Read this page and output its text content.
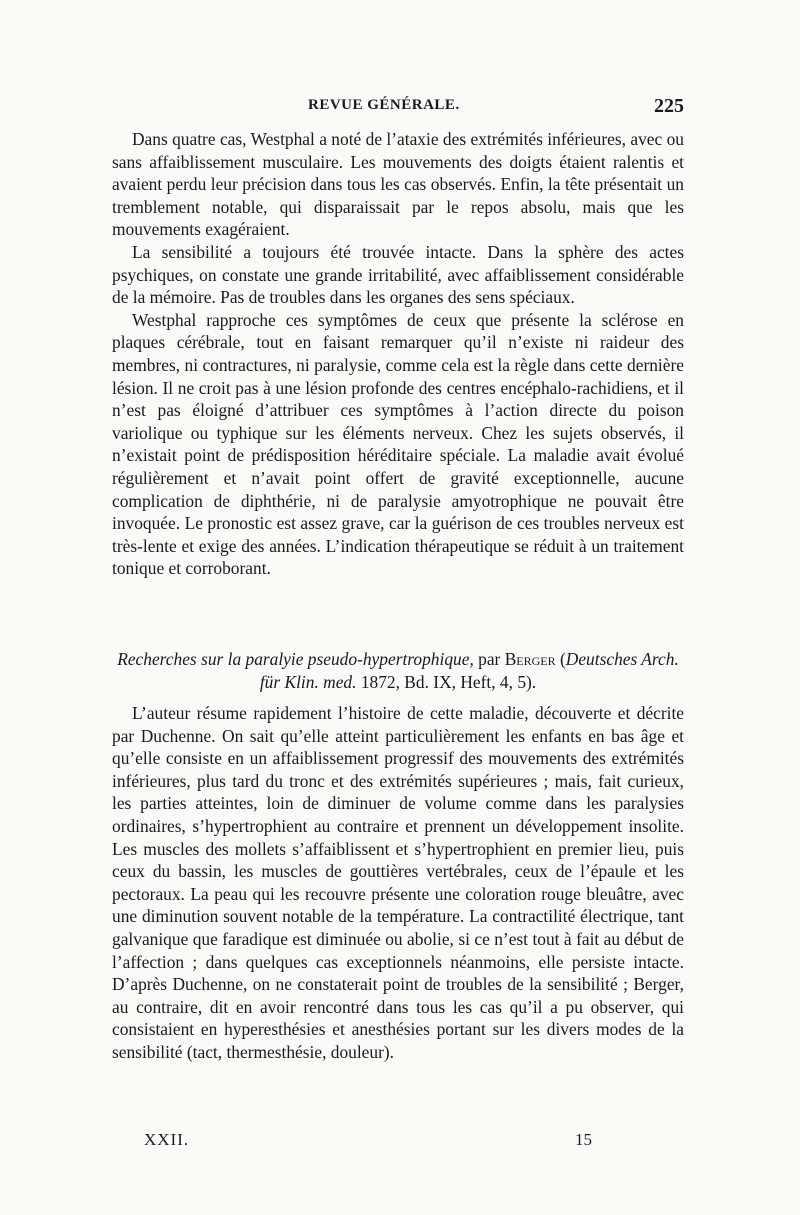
REVUE GÉNÉRALE.	225

Dans quatre cas, Westphal a noté de l’ataxie des extrémités inférieures, avec ou sans affaiblissement musculaire. Les mouvements des doigts étaient ralentis et avaient perdu leur précision dans tous les cas observés. Enfin, la tête présentait un tremblement notable, qui disparaissait par le repos absolu, mais que les mouvements exagéraient.

La sensibilité a toujours été trouvée intacte. Dans la sphère des actes psychiques, on constate une grande irritabilité, avec affaiblissement considérable de la mémoire. Pas de troubles dans les organes des sens spéciaux.

Westphal rapproche ces symptômes de ceux que présente la sclérose en plaques cérébrale, tout en faisant remarquer qu’il n’existe ni raideur des membres, ni contractures, ni paralysie, comme cela est la règle dans cette dernière lésion. Il ne croit pas à une lésion profonde des centres encéphalo-rachidiens, et il n’est pas éloigné d’attribuer ces symptômes à l’action directe du poison variolique ou typhique sur les éléments nerveux. Chez les sujets observés, il n’existait point de prédisposition héréditaire spéciale. La maladie avait évolué régulièrement et n’avait point offert de gravité exceptionnelle, aucune complication de diphthérie, ni de paralysie amyotrophique ne pouvait être invoquée. Le pronostic est assez grave, car la guérison de ces troubles nerveux est très-lente et exige des années. L’indication thérapeutique se réduit à un traitement tonique et corroborant.

Recherches sur la paralyie pseudo-hypertrophique, par Berger (Deutsches Arch. für Klin. med. 1872, Bd. IX, Heft, 4, 5).

L’auteur résume rapidement l’histoire de cette maladie, découverte et décrite par Duchenne. On sait qu’elle atteint particulièrement les enfants en bas âge et qu’elle consiste en un affaiblissement progressif des mouvements des extrémités inférieures, plus tard du tronc et des extrémités supérieures ; mais, fait curieux, les parties atteintes, loin de diminuer de volume comme dans les paralysies ordinaires, s’hypertrophient au contraire et prennent un développement insolite. Les muscles des mollets s’affaiblissent et s’hypertrophient en premier lieu, puis ceux du bassin, les muscles de gouttières vertébrales, ceux de l’épaule et les pectoraux. La peau qui les recouvre présente une coloration rouge bleuâtre, avec une diminution souvent notable de la température. La contractilité électrique, tant galvanique que faradique est diminuée ou abolie, si ce n’est tout à fait au début de l’affection ; dans quelques cas exceptionnels néanmoins, elle persiste intacte. D’après Duchenne, on ne constaterait point de troubles de la sensibilité ; Berger, au contraire, dit en avoir rencontré dans tous les cas qu’il a pu observer, qui consistaient en hyperesthésies et anesthésies portant sur les divers modes de la sensibilité (tact, thermesthésie, douleur).

XXII.	15
